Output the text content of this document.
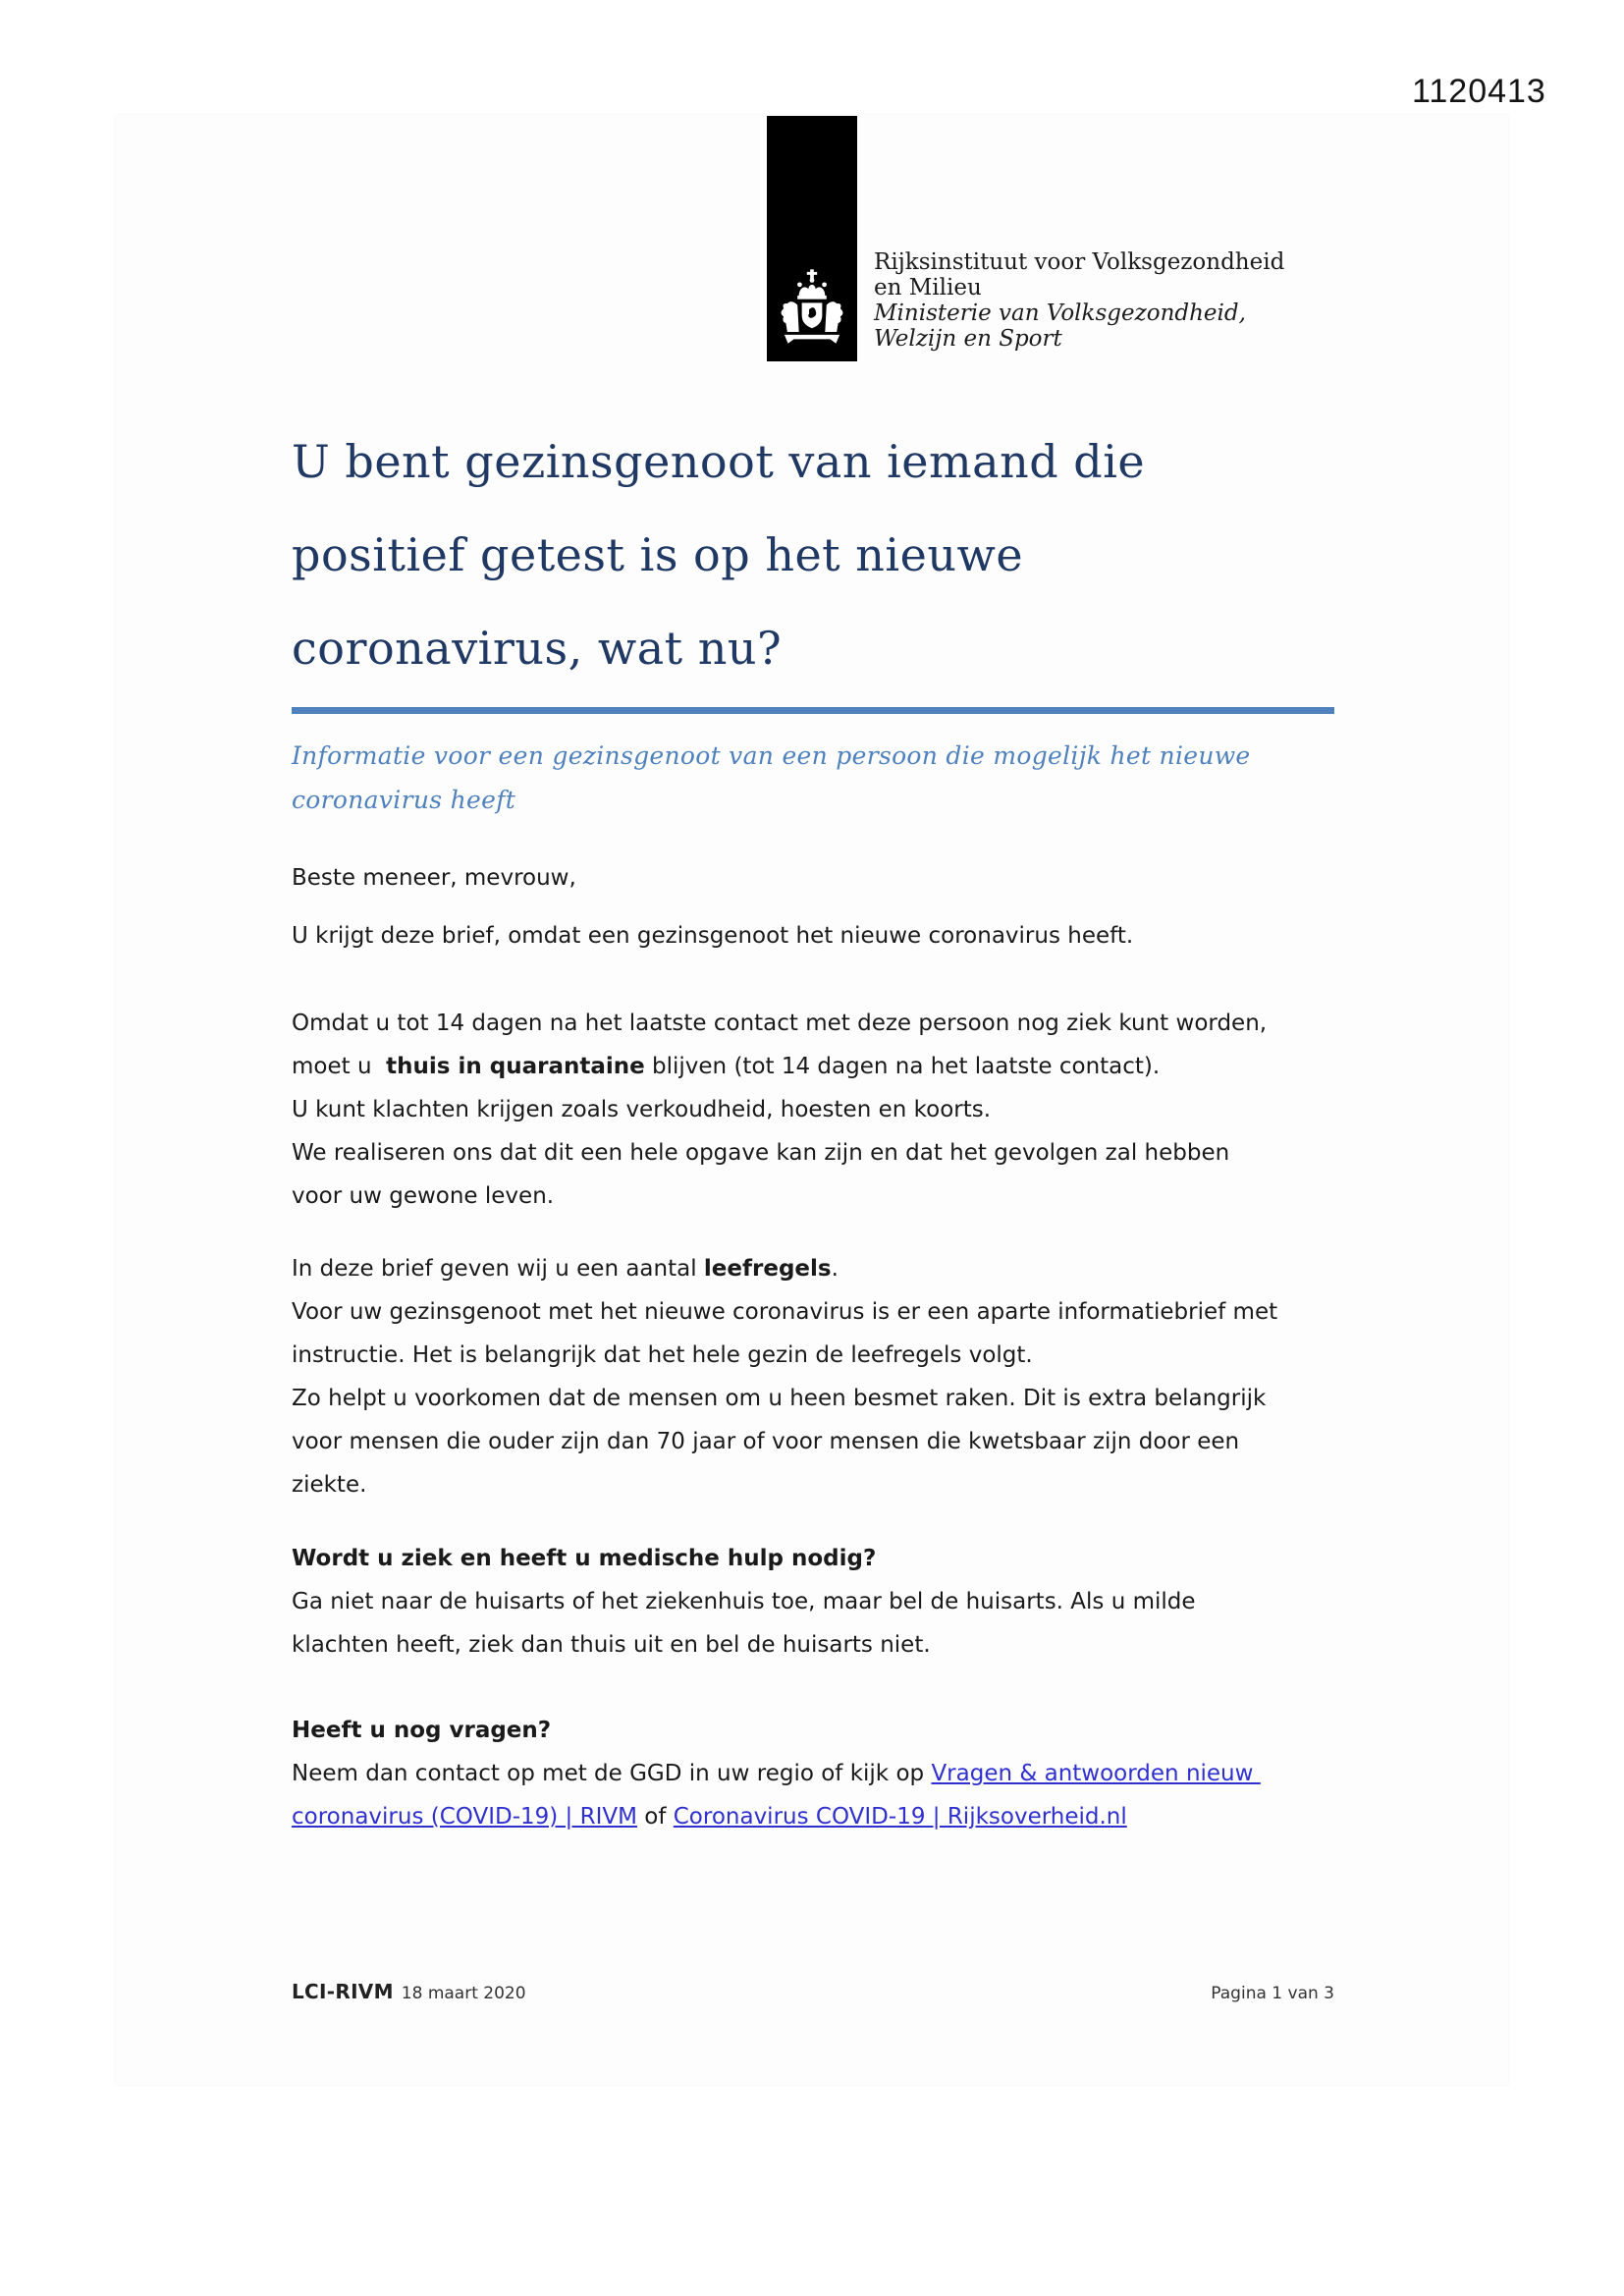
1120413
Rijksinstituut voor Volksgezondheid
en Milieu
Ministerie van Volksgezondheid,
Welzijn en Sport
U bent gezinsgenoot van iemand die
positief getest is op het nieuwe
coronavirus, wat nu?
Informatie voor een gezinsgenoot van een persoon die mogelijk het nieuwe
coronavirus heeft
Beste meneer, mevrouw,
U krijgt deze brief, omdat een gezinsgenoot het nieuwe coronavirus heeft.
Omdat u tot 14 dagen na het laatste contact met deze persoon nog ziek kunt worden,
moet u  thuis in quarantaine blijven (tot 14 dagen na het laatste contact).
U kunt klachten krijgen zoals verkoudheid, hoesten en koorts.
We realiseren ons dat dit een hele opgave kan zijn en dat het gevolgen zal hebben
voor uw gewone leven.
In deze brief geven wij u een aantal leefregels.
Voor uw gezinsgenoot met het nieuwe coronavirus is er een aparte informatiebrief met
instructie. Het is belangrijk dat het hele gezin de leefregels volgt.
Zo helpt u voorkomen dat de mensen om u heen besmet raken. Dit is extra belangrijk
voor mensen die ouder zijn dan 70 jaar of voor mensen die kwetsbaar zijn door een
ziekte.
Wordt u ziek en heeft u medische hulp nodig?
Ga niet naar de huisarts of het ziekenhuis toe, maar bel de huisarts. Als u milde
klachten heeft, ziek dan thuis uit en bel de huisarts niet.
Heeft u nog vragen?
Neem dan contact op met de GGD in uw regio of kijk op Vragen & antwoorden nieuw
coronavirus (COVID-19) | RIVM of Coronavirus COVID-19 | Rijksoverheid.nl
LCI-RIVM 18 maart 2020	Pagina 1 van 3
